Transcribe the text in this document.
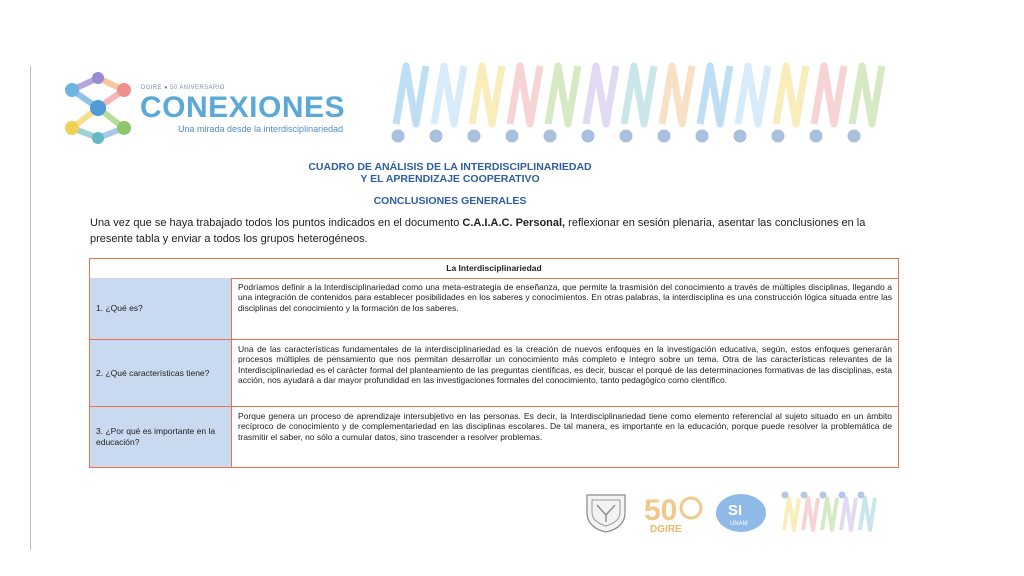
DGIRE ● 50 ANIVERSARIO
CONEXIONES
Una mirada desde la interdisciplinariedad
CUADRO DE ANÁLISIS DE LA INTERDISCIPLINARIEDAD
Y EL APRENDIZAJE COOPERATIVO
CONCLUSIONES GENERALES
Una vez que se haya trabajado todos los puntos indicados en el documento C.A.I.A.C. Personal, reflexionar en sesión plenaria, asentar las conclusiones en la presente tabla y enviar a todos los grupos heterogéneos.
La Interdisciplinariedad
1. ¿Qué es?
Podríamos definir a la Interdisciplinariedad como una meta-estrategia de enseñanza, que permite la trasmisión del conocimiento a través de múltiples disciplinas, llegando a una integración de contenidos para establecer posibilidades en los saberes y conocimientos. En otras palabras, la interdisciplina es una construcción lógica situada entre las disciplinas del conocimiento y la formación de los saberes.
2. ¿Qué características tiene?
Una de las características fundamentales de la interdisciplinariedad es la creación de nuevos enfoques en la investigación educativa, según, estos enfoques generarán procesos múltiples de pensamiento que nos permitan desarrollar un conocimiento más completo e íntegro sobre un tema. Otra de las características relevantes de la Interdisciplinariedad es el carácter formal del planteamiento de las preguntas científicas, es decir, buscar el porqué de las determinaciones formativas de las disciplinas, esta acción, nos ayudará a dar mayor profundidad en las investigaciones formales del conocimiento, tanto pedagógico como científico.
3. ¿Por qué es importante en la educación?
Porque genera un proceso de aprendizaje intersubjetivo en las personas. Es decir, la Interdisciplinariedad tiene como elemento referencial al sujeto situado en un ámbito recíproco de conocimiento y de complementariedad en las disciplinas escolares. De tal manera, es importante en la educación, porque puede resolver la problemática de trasmitir el saber, no sólo a cumular datos, sino trascender a resolver problemas.
50
DGIRE
SI
UNAM
